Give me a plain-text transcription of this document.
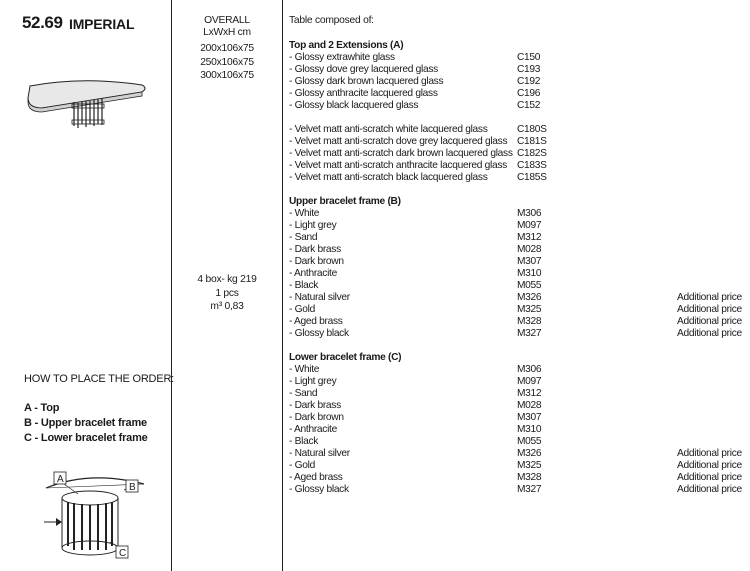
52.69 IMPERIAL	OVERALL
LxWxH cm
200x106x75
250x106x75
300x106x75
4 box- kg 219
1 pcs
m³ 0,83
Table composed of:
Top and 2 Extensions (A)
- Glossy extrawhite glass	C150
- Glossy dove grey lacquered glass	C193
- Glossy dark brown lacquered glass	C192
- Glossy anthracite lacquered glass	C196
- Glossy black lacquered glass	C152
- Velvet matt anti-scratch white lacquered glass	C180S
- Velvet matt anti-scratch dove grey lacquered glass C181S
- Velvet matt anti-scratch dark brown lacquered glass C182S
- Velvet matt anti-scratch anthracite lacquered glass C183S
- Velvet matt anti-scratch black lacquered glass	C185S
Upper bracelet frame (B)
- White	M306
- Light grey	M097
- Sand	M312
- Dark brass	M028
- Dark brown	M307
- Anthracite	M310
- Black	M055
- Natural silver	M326	Additional price
- Gold	M325	Additional price
- Aged brass	M328	Additional price
- Glossy black	M327	Additional price
Lower bracelet frame (C)
- White	M306
- Light grey	M097
- Sand	M312
- Dark brass	M028
- Dark brown	M307
- Anthracite	M310
- Black	M055
- Natural silver	M326	Additional price
- Gold	M325	Additional price
- Aged brass	M328	Additional price
- Glossy black	M327	Additional price
HOW TO PLACE THE ORDER:
A - Top
B - Upper bracelet frame
C - Lower bracelet frame
A
B
C
